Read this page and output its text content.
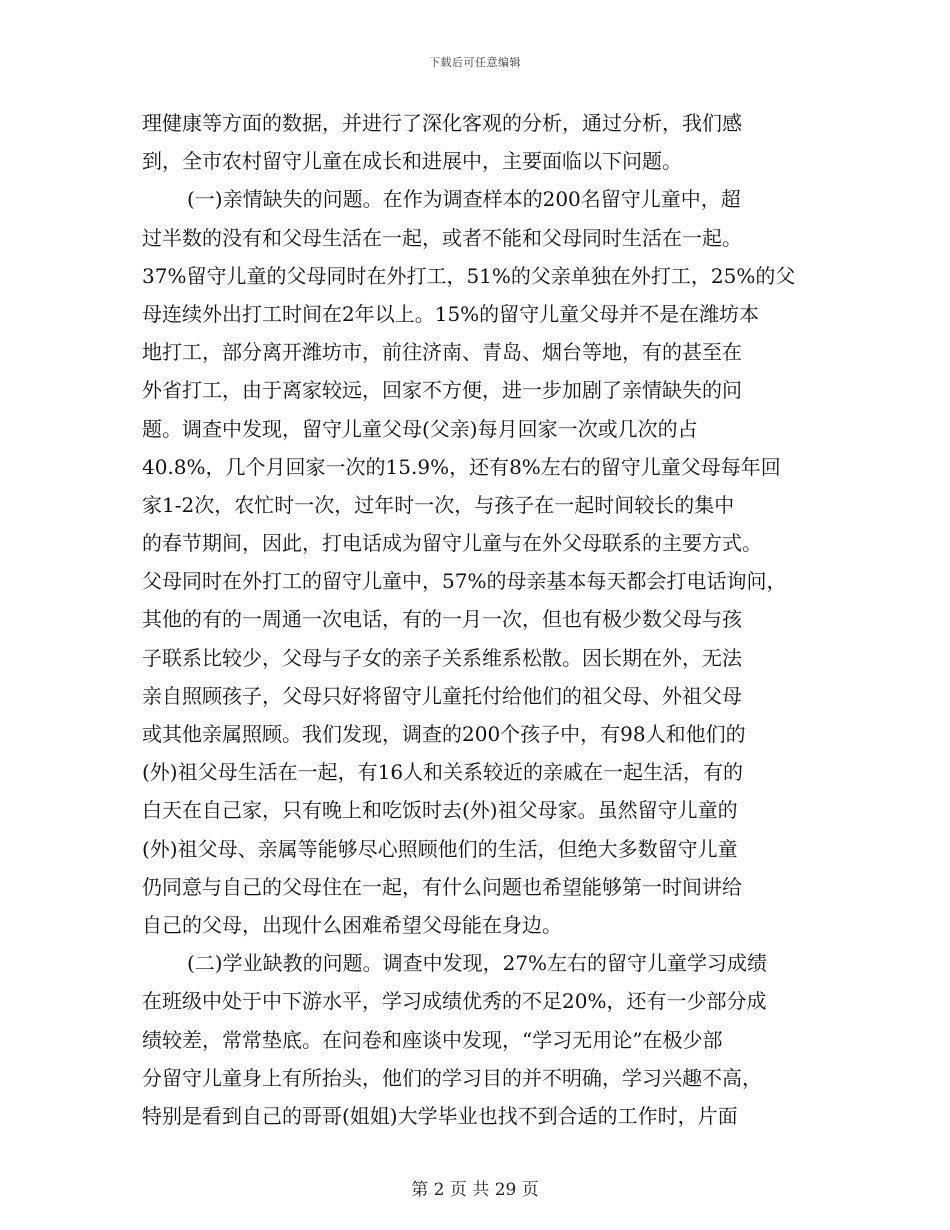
下载后可任意编辑
理健康等方面的数据，并进行了深化客观的分析，通过分析，我们感
到，全市农村留守儿童在成长和进展中，主要面临以下问题。
(一)亲情缺失的问题。在作为调查样本的200名留守儿童中，超
过半数的没有和父母生活在一起，或者不能和父母同时生活在一起。
37%留守儿童的父母同时在外打工，51%的父亲单独在外打工，25%的父
母连续外出打工时间在2年以上。15%的留守儿童父母并不是在潍坊本
地打工，部分离开潍坊市，前往济南、青岛、烟台等地，有的甚至在
外省打工，由于离家较远，回家不方便，进一步加剧了亲情缺失的问
题。调查中发现，留守儿童父母(父亲)每月回家一次或几次的占
40.8%，几个月回家一次的15.9%，还有8%左右的留守儿童父母每年回
家1-2次，农忙时一次，过年时一次，与孩子在一起时间较长的集中
的春节期间，因此，打电话成为留守儿童与在外父母联系的主要方式。
父母同时在外打工的留守儿童中，57%的母亲基本每天都会打电话询问，
其他的有的一周通一次电话，有的一月一次，但也有极少数父母与孩
子联系比较少，父母与子女的亲子关系维系松散。因长期在外，无法
亲自照顾孩子，父母只好将留守儿童托付给他们的祖父母、外祖父母
或其他亲属照顾。我们发现，调查的200个孩子中，有98人和他们的
(外)祖父母生活在一起，有16人和关系较近的亲戚在一起生活，有的
白天在自己家，只有晚上和吃饭时去(外)祖父母家。虽然留守儿童的
(外)祖父母、亲属等能够尽心照顾他们的生活，但绝大多数留守儿童
仍同意与自己的父母住在一起，有什么问题也希望能够第一时间讲给
自己的父母，出现什么困难希望父母能在身边。
(二)学业缺教的问题。调查中发现，27%左右的留守儿童学习成绩
在班级中处于中下游水平，学习成绩优秀的不足20%，还有一少部分成
绩较差，常常垫底。在问卷和座谈中发现，“学习无用论”在极少部
分留守儿童身上有所抬头，他们的学习目的并不明确，学习兴趣不高，
特别是看到自己的哥哥(姐姐)大学毕业也找不到合适的工作时，片面
第 2 页 共 29 页
